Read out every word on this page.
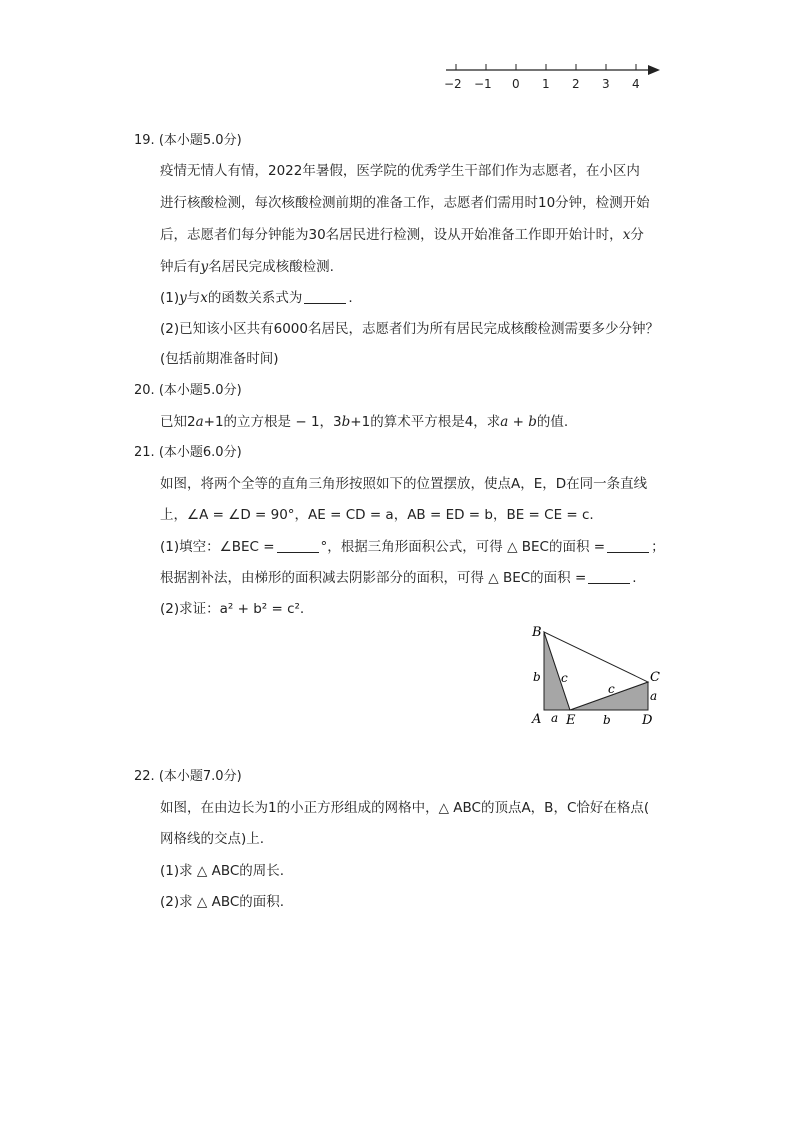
−2 −1 0 1 2 3 4
19. (本小题5.0分)
疫情无情人有情，2022年暑假，医学院的优秀学生干部们作为志愿者，在小区内
进行核酸检测，每次核酸检测前期的准备工作，志愿者们需用时10分钟，检测开始
后，志愿者们每分钟能为30名居民进行检测，设从开始准备工作即开始计时，x分
钟后有y名居民完成核酸检测.
(1)y与x的函数关系式为	.
(2)已知该小区共有6000名居民，志愿者们为所有居民完成核酸检测需要多少分钟？
(包括前期准备时间)
20. (本小题5.0分)
已知2a+1的立方根是 − 1，3b+1的算术平方根是4，求a + b的值.
21. (本小题6.0分)
如图，将两个全等的直角三角形按照如下的位置摆放，使点A，E，D在同一条直线
上，∠A = ∠D = 90°，AE = CD = a，AB = ED = b，BE = CE = c.
(1)填空：∠BEC =	°，根据三角形面积公式，可得 △ BEC的面积 =	；
根据割补法，由梯形的面积减去阴影部分的面积，可得 △ BEC的面积 =	.
(2)求证：a² + b² = c².
B
C
A E	D
b c
c
a	b
a
22. (本小题7.0分)
如图，在由边长为1的小正方形组成的网格中，△ ABC的顶点A，B，C恰好在格点(
网格线的交点)上.
(1)求 △ ABC的周长.
(2)求 △ ABC的面积.
